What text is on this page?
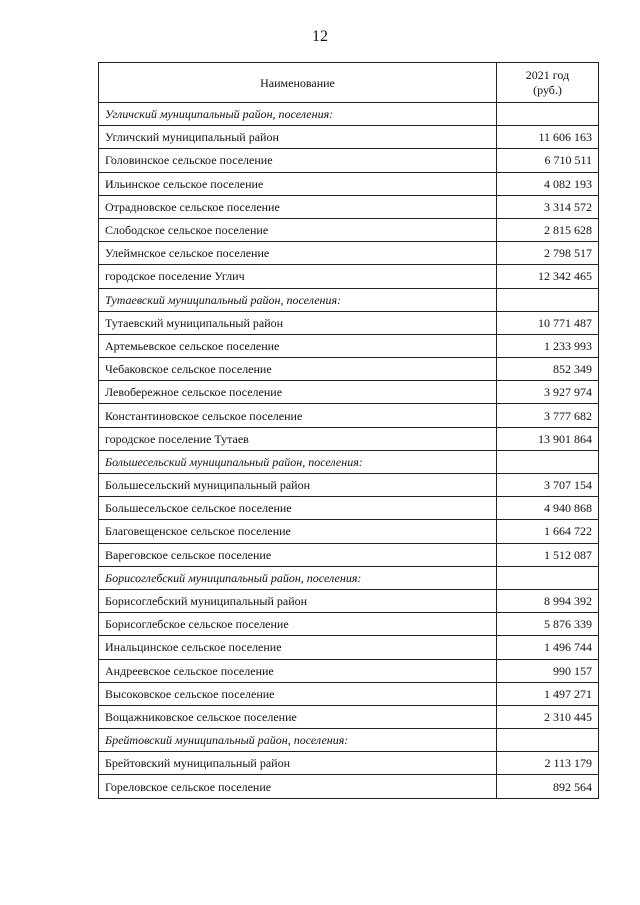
12
Наименование	2021 год
(руб.)
Угличский муниципальный район, поселения:	
Угличский муниципальный район	11 606 163
Головинское сельское поселение	6 710 511
Ильинское сельское поселение	4 082 193
Отрадновское сельское поселение	3 314 572
Слободское сельское поселение	2 815 628
Улеймнское сельское поселение	2 798 517
городское поселение Углич	12 342 465
Тутаевский муниципальный район, поселения:	
Тутаевский муниципальный район	10 771 487
Артемьевское сельское поселение	1 233 993
Чебаковское сельское поселение	852 349
Левобережное сельское поселение	3 927 974
Константиновское сельское поселение	3 777 682
городское поселение Тутаев	13 901 864
Большесельский муниципальный район, поселения:	
Большесельский муниципальный район	3 707 154
Большесельское сельское поселение	4 940 868
Благовещенское сельское поселение	1 664 722
Вареговское сельское поселение	1 512 087
Борисоглебский муниципальный район, поселения:	
Борисоглебский муниципальный район	8 994 392
Борисоглебское сельское поселение	5 876 339
Инальцинское сельское поселение	1 496 744
Андреевское сельское поселение	990 157
Высоковское сельское поселение	1 497 271
Вощажниковское сельское поселение	2 310 445
Брейтовский муниципальный район, поселения:	
Брейтовский муниципальный район	2 113 179
Гореловское сельское поселение	892 564
